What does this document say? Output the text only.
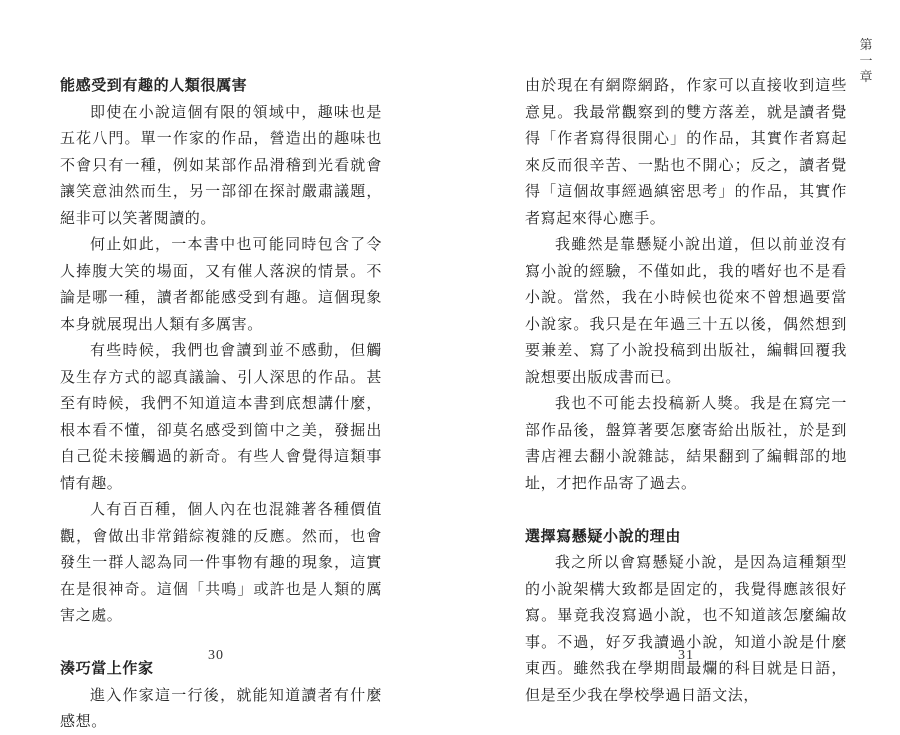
能感受到有趣的人類很厲害

即使在小說這個有限的領域中，趣味也是五花八門。單一作家的作品，營造出的趣味也不會只有一種，例如某部作品滑稽到光看就會讓笑意油然而生，另一部卻在探討嚴肅議題，絕非可以笑著閱讀的。

何止如此，一本書中也可能同時包含了令人捧腹大笑的場面，又有催人落淚的情景。不論是哪一種，讀者都能感受到有趣。這個現象本身就展現出人類有多厲害。

有些時候，我們也會讀到並不感動，但觸及生存方式的認真議論、引人深思的作品。甚至有時候，我們不知道這本書到底想講什麼，根本看不懂，卻莫名感受到箇中之美，發掘出自己從未接觸過的新奇。有些人會覺得這類事情有趣。

人有百百種，個人內在也混雜著各種價值觀，會做出非常錯綜複雜的反應。然而，也會發生一群人認為同一件事物有趣的現象，這實在是很神奇。這個「共鳴」或許也是人類的厲害之處。

湊巧當上作家

進入作家這一行後，就能知道讀者有什麼感想。

30

由於現在有網際網路，作家可以直接收到這些意見。我最常觀察到的雙方落差，就是讀者覺得「作者寫得很開心」的作品，其實作者寫起來反而很辛苦、一點也不開心；反之，讀者覺得「這個故事經過縝密思考」的作品，其實作者寫起來得心應手。

我雖然是靠懸疑小說出道，但以前並沒有寫小說的經驗，不僅如此，我的嗜好也不是看小說。當然，我在小時候也從來不曾想過要當小說家。我只是在年過三十五以後，偶然想到要兼差、寫了小說投稿到出版社，編輯回覆我說想要出版成書而已。

我也不可能去投稿新人獎。我是在寫完一部作品後，盤算著要怎麼寄給出版社，於是到書店裡去翻小說雜誌，結果翻到了編輯部的地址，才把作品寄了過去。

選擇寫懸疑小說的理由

我之所以會寫懸疑小說，是因為這種類型的小說架構大致都是固定的，我覺得應該很好寫。畢竟我沒寫過小說，也不知道該怎麼編故事。不過，好歹我讀過小說，知道小說是什麼東西。雖然我在學期間最爛的科目就是日語，但是至少我在學校學過日語文法，

31
第
一
章
